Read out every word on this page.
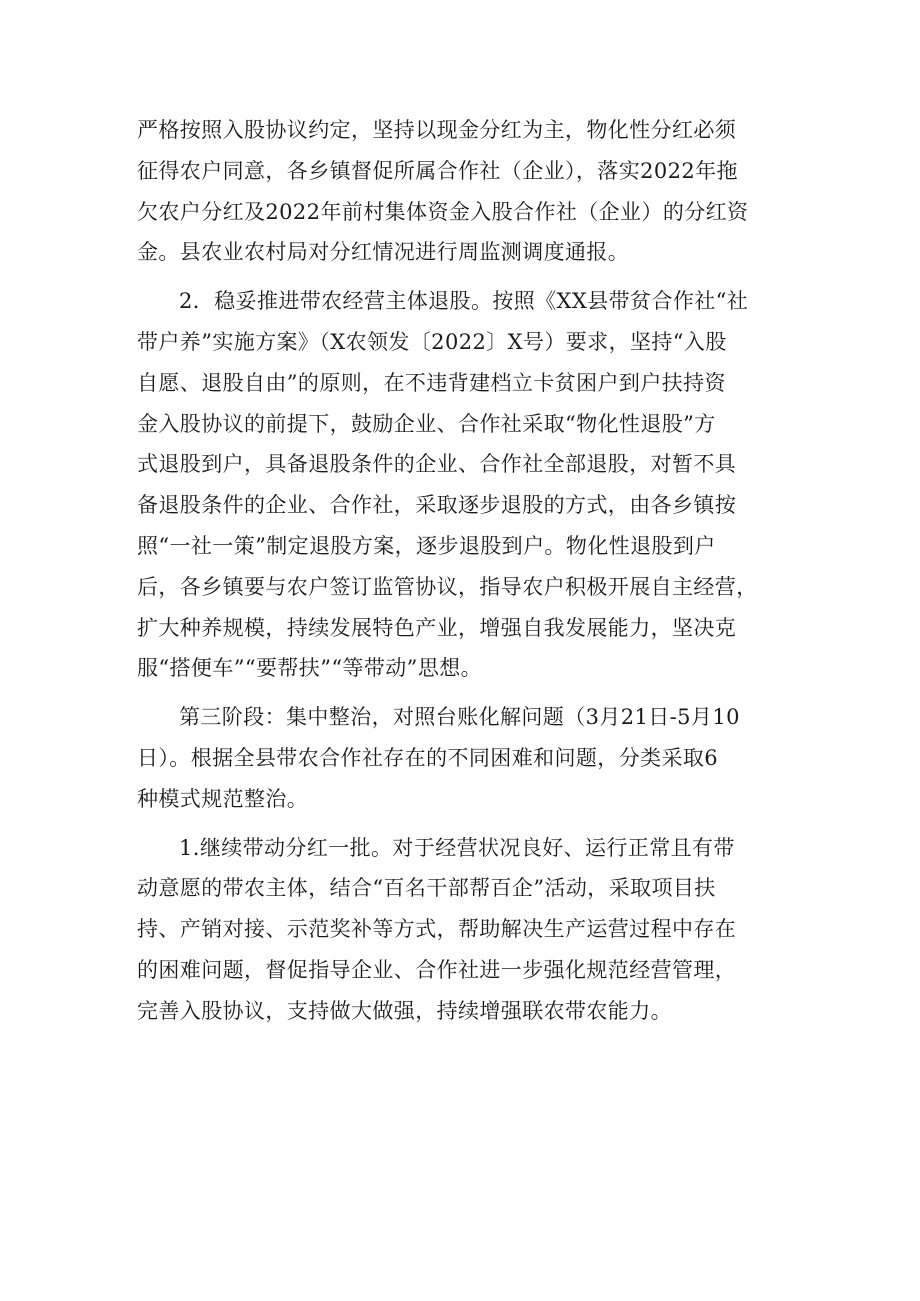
严格按照入股协议约定，坚持以现金分红为主，物化性分红必须
征得农户同意，各乡镇督促所属合作社（企业），落实2022年拖
欠农户分红及2022年前村集体资金入股合作社（企业）的分红资
金。县农业农村局对分红情况进行周监测调度通报。
2．稳妥推进带农经营主体退股。按照《XX县带贫合作社“社
带户养”实施方案》（X农领发〔2022〕X号）要求，坚持“入股
自愿、退股自由”的原则，在不违背建档立卡贫困户到户扶持资
金入股协议的前提下，鼓励企业、合作社采取“物化性退股”方
式退股到户，具备退股条件的企业、合作社全部退股，对暂不具
备退股条件的企业、合作社，采取逐步退股的方式，由各乡镇按
照“一社一策”制定退股方案，逐步退股到户。物化性退股到户
后，各乡镇要与农户签订监管协议，指导农户积极开展自主经营，
扩大种养规模，持续发展特色产业，增强自我发展能力，坚决克
服“搭便车”“要帮扶”“等带动”思想。
第三阶段：集中整治，对照台账化解问题（3月21日-5月10
日）。根据全县带农合作社存在的不同困难和问题，分类采取6
种模式规范整治。
1.继续带动分红一批。对于经营状况良好、运行正常且有带
动意愿的带农主体，结合“百名干部帮百企”活动，采取项目扶
持、产销对接、示范奖补等方式，帮助解决生产运营过程中存在
的困难问题，督促指导企业、合作社进一步强化规范经营管理，
完善入股协议，支持做大做强，持续增强联农带农能力。
